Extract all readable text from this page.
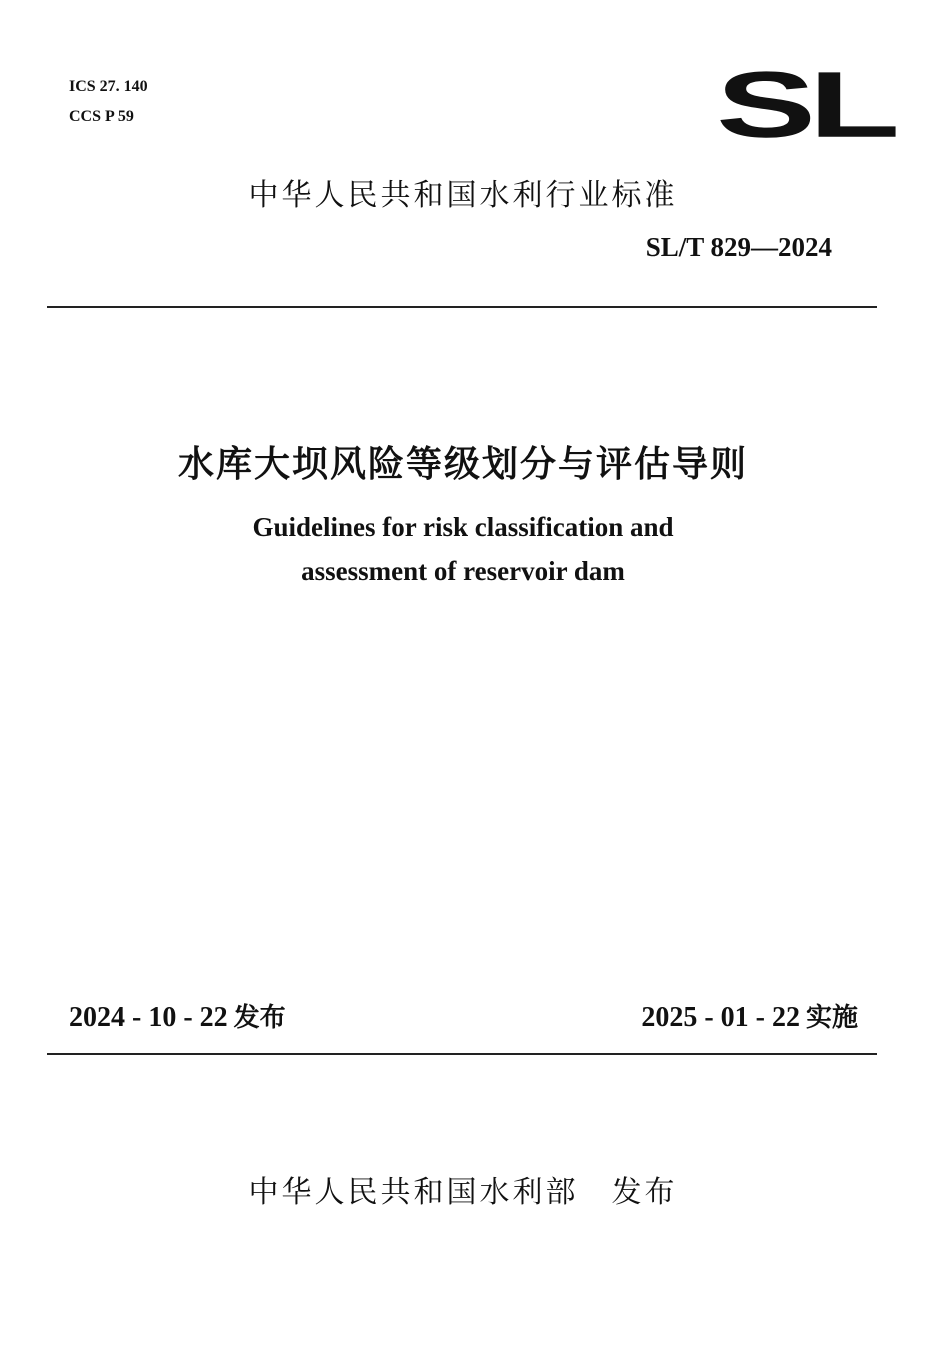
ICS 27. 140
CCS P 59	SL
中华人民共和国水利行业标准
SL/T 829—2024
水库大坝风险等级划分与评估导则
Guidelines for risk classification and
assessment of reservoir dam
2024 - 10 - 22 发布	2025 - 01 - 22 实施
中华人民共和国水利部　发布
